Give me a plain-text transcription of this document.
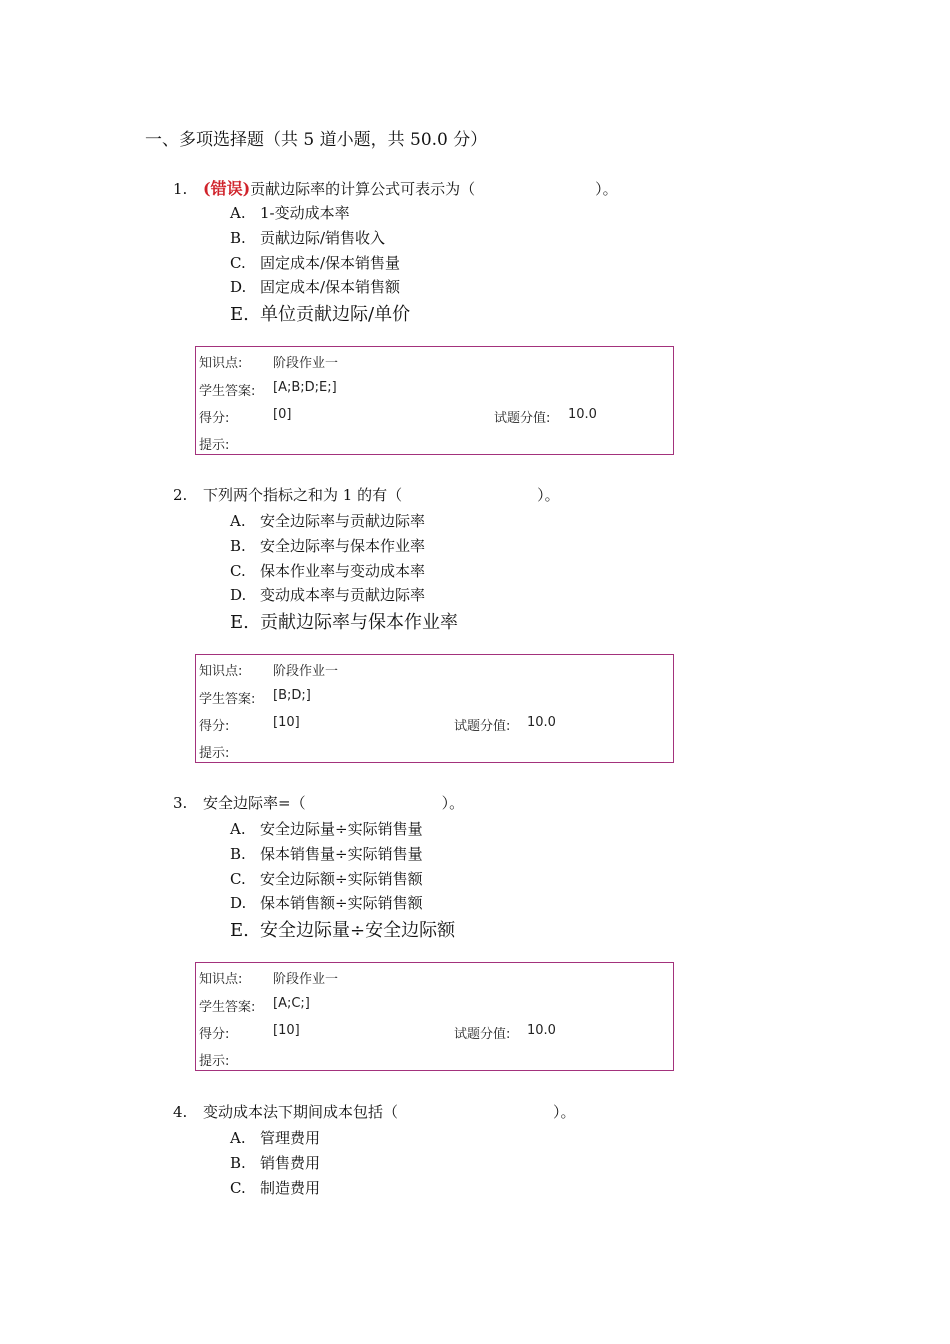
一、多项选择题（共 5 道小题，共 50.0 分）
1. (错误)贡献边际率的计算公式可表示为（	）。
A. 1-变动成本率
B. 贡献边际/销售收入
C. 固定成本/保本销售量
D. 固定成本/保本销售额
E. 单位贡献边际/单价
知识点: 阶段作业一
学生答案: [A;B;D;E;]
得分:	[0]	试题分值: 10.0
提示:
2. 下列两个指标之和为 1 的有（	）。
A. 安全边际率与贡献边际率
B. 安全边际率与保本作业率
C. 保本作业率与变动成本率
D. 变动成本率与贡献边际率
E. 贡献边际率与保本作业率
知识点: 阶段作业一
学生答案: [B;D;]
得分:	[10]	试题分值: 10.0
提示:
3. 安全边际率=（	）。
A. 安全边际量÷实际销售量
B. 保本销售量÷实际销售量
C. 安全边际额÷实际销售额
D. 保本销售额÷实际销售额
E. 安全边际量÷安全边际额
知识点: 阶段作业一
学生答案: [A;C;]
得分:	[10]	试题分值: 10.0
提示:
4. 变动成本法下期间成本包括（	）。
A. 管理费用
B. 销售费用
C. 制造费用
